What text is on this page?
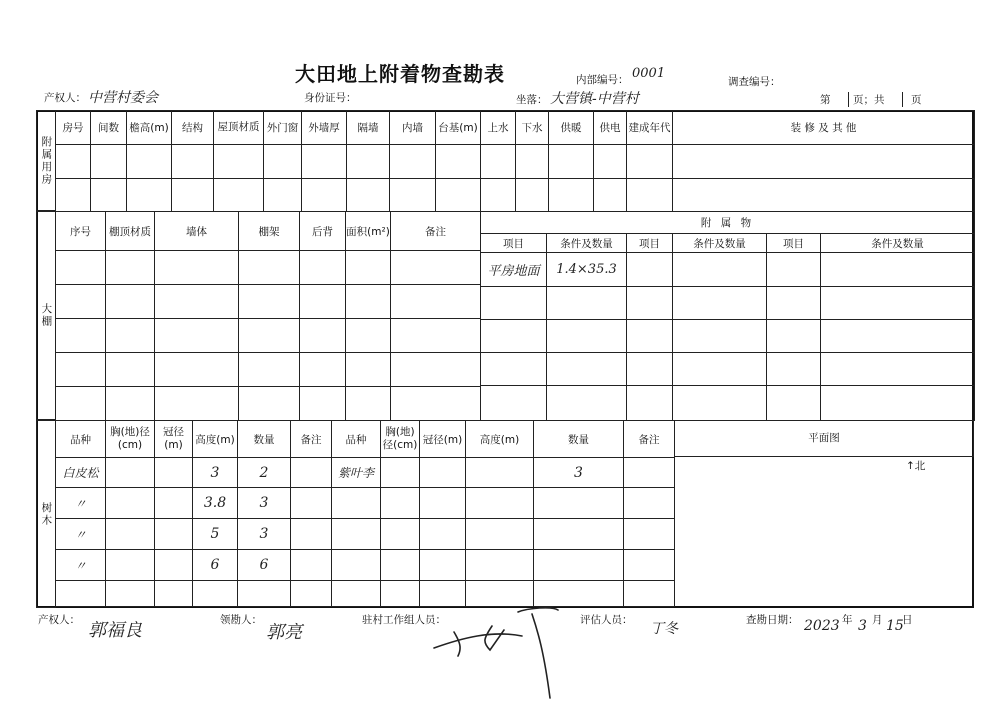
大田地上附着物查勘表	内部编号： 0001
调查编号：
产权人： 中营村委会	身份证号：	坐落： 大营镇-中营村	第	页；共	页
附属用房
房号	间数	檐高(m)	结构	屋顶材质	外门窗	外墙厚	隔墙	内墙	台基(m)	上水	下水	供暖	供电	建成年代	装 修 及 其 他

大棚
序号	棚顶材质	墙体	棚架	后背	面积(m²)	备注

附 属 物					
项目	条件及数量	项目	条件及数量	项目	条件及数量
平房地面	1.4×35.3				

树木
品种	胸(地)径(cm)	冠径(m)	高度(m)	数量	备注	品种	胸(地)径(cm)	冠径(m)	高度(m)	数量	备注
白皮松			3	2		紫叶李				3	
〃			3.8	3							
〃			5	3							
〃			6	6							

平面图
↑北
产权人： 郭福良	领勘人：
郭亮
驻村工作组人员：	评估人员：
丁冬
查勘日期： 2023 年 3 月 15
日
